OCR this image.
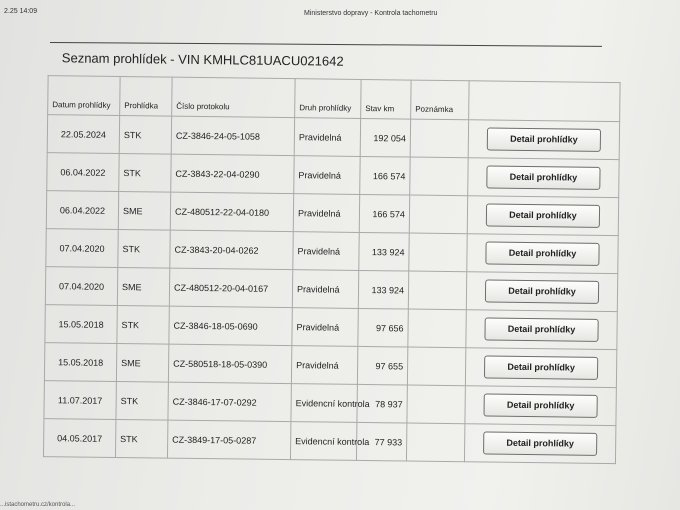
2.25 14:09	Ministerstvo dopravy - Kontrola tachometru
Seznam prohlídek - VIN KMHLC81UACU021642
Datum prohlídky	Prohlídka	Číslo protokolu	Druh prohlídky	Stav km	Poznámka	
22.05.2024	STK	CZ-3846-24-05-1058	Pravidelná	192 054		Detail prohlídky
06.04.2022	STK	CZ-3843-22-04-0290	Pravidelná	166 574		Detail prohlídky
06.04.2022	SME	CZ-480512-22-04-0180	Pravidelná	166 574		Detail prohlídky
07.04.2020	STK	CZ-3843-20-04-0262	Pravidelná	133 924		Detail prohlídky
07.04.2020	SME	CZ-480512-20-04-0167	Pravidelná	133 924		Detail prohlídky
15.05.2018	STK	CZ-3846-18-05-0690	Pravidelná	97 656		Detail prohlídky
15.05.2018	SME	CZ-580518-18-05-0390	Pravidelná	97 655		Detail prohlídky
11.07.2017	STK	CZ-3846-17-07-0292	Evidencní kontrola	78 937		Detail prohlídky
04.05.2017	STK	CZ-3849-17-05-0287	Evidencní kontrola	77 933		Detail prohlídky
...istachometru.cz/kontrola...
